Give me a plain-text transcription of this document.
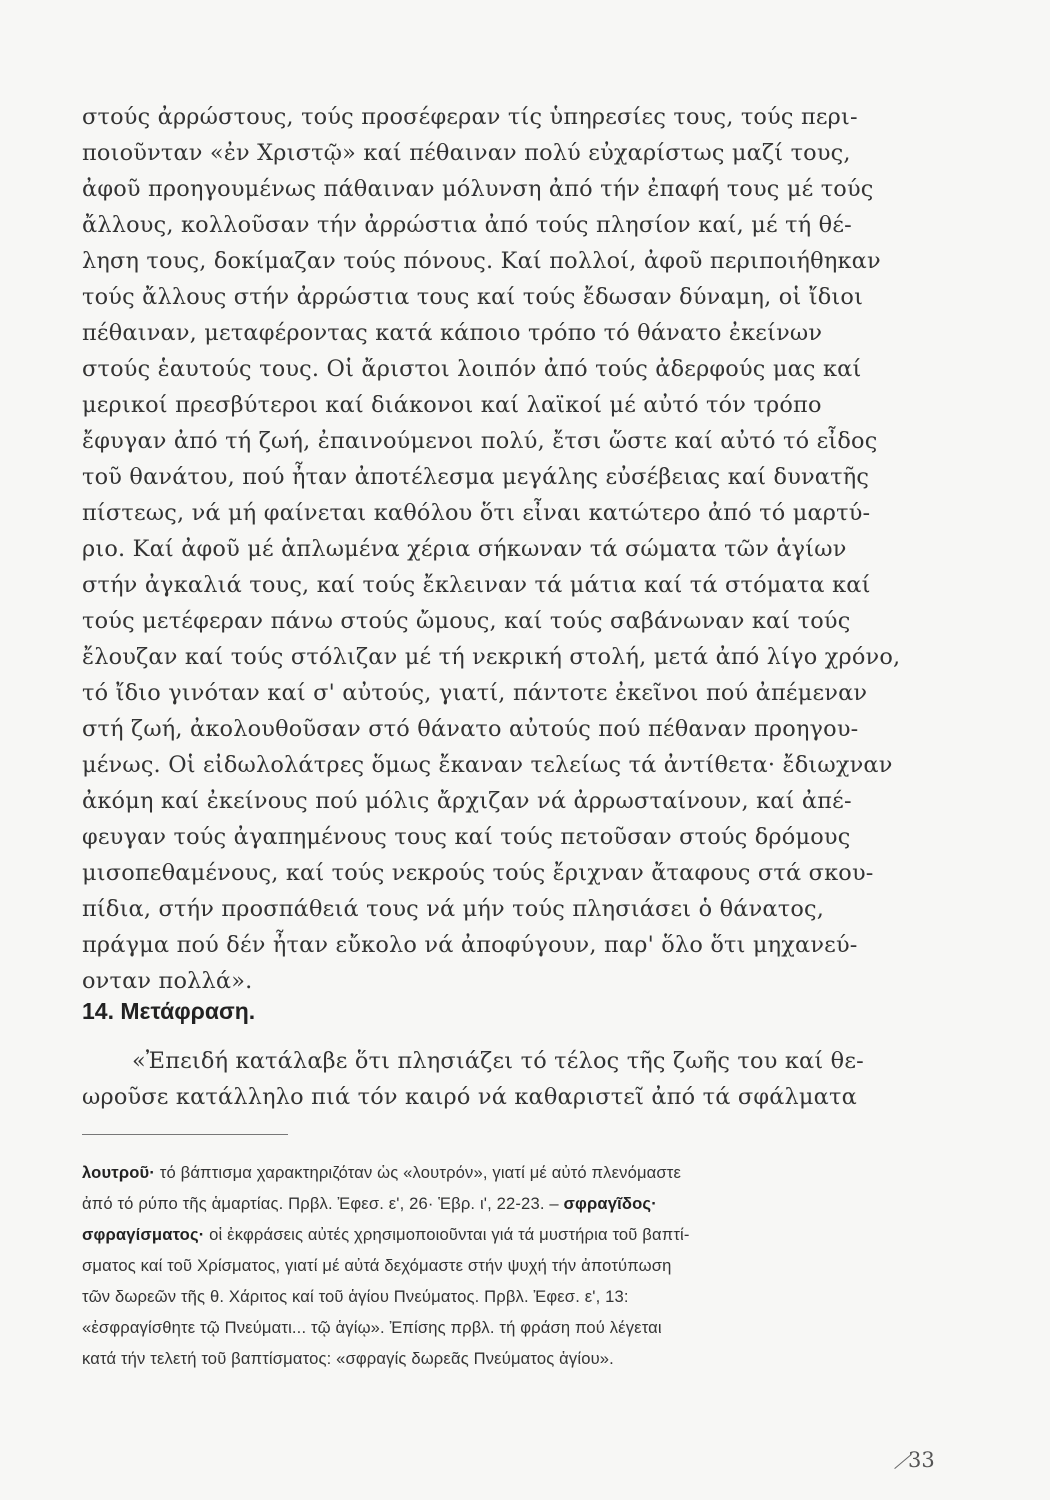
στούς ἀρρώστους, τούς προσέφεραν τίς ὑπηρεσίες τους, τούς περι-
ποιοῦνταν «ἐν Χριστῷ» καί πέθαιναν πολύ εὐχαρίστως μαζί τους,
ἀφοῦ προηγουμένως πάθαιναν μόλυνση ἀπό τήν ἐπαφή τους μέ τούς
ἄλλους, κολλοῦσαν τήν ἀρρώστια ἀπό τούς πλησίον καί, μέ τή θέ-
ληση τους, δοκίμαζαν τούς πόνους. Καί πολλοί, ἀφοῦ περιποιήθηκαν
τούς ἄλλους στήν ἀρρώστια τους καί τούς ἔδωσαν δύναμη, οἱ ἴδιοι
πέθαιναν, μεταφέροντας κατά κάποιο τρόπο τό θάνατο ἐκείνων
στούς ἑαυτούς τους. Οἱ ἄριστοι λοιπόν ἀπό τούς ἀδερφούς μας καί
μερικοί πρεσβύτεροι καί διάκονοι καί λαϊκοί μέ αὐτό τόν τρόπο
ἔφυγαν ἀπό τή ζωή, ἐπαινούμενοι πολύ, ἔτσι ὥστε καί αὐτό τό εἶδος
τοῦ θανάτου, πού ἦταν ἀποτέλεσμα μεγάλης εὐσέβειας καί δυνατῆς
πίστεως, νά μή φαίνεται καθόλου ὅτι εἶναι κατώτερο ἀπό τό μαρτύ-
ριο. Καί ἀφοῦ μέ ἁπλωμένα χέρια σήκωναν τά σώματα τῶν ἁγίων
στήν ἀγκαλιά τους, καί τούς ἔκλειναν τά μάτια καί τά στόματα καί
τούς μετέφεραν πάνω στούς ὤμους, καί τούς σαβάνωναν καί τούς
ἔλουζαν καί τούς στόλιζαν μέ τή νεκρική στολή, μετά ἀπό λίγο χρόνο,
τό ἴδιο γινόταν καί σ' αὐτούς, γιατί, πάντοτε ἐκεῖνοι πού ἀπέμεναν
στή ζωή, ἀκολουθοῦσαν στό θάνατο αὐτούς πού πέθαναν προηγου-
μένως. Οἱ εἰδωλολάτρες ὅμως ἔκαναν τελείως τά ἀντίθετα· ἔδιωχναν
ἀκόμη καί ἐκείνους πού μόλις ἄρχιζαν νά ἀρρωσταίνουν, καί ἀπέ-
φευγαν τούς ἀγαπημένους τους καί τούς πετοῦσαν στούς δρόμους
μισοπεθαμένους, καί τούς νεκρούς τούς ἔριχναν ἄταφους στά σκου-
πίδια, στήν προσπάθειά τους νά μήν τούς πλησιάσει ὁ θάνατος,
πράγμα πού δέν ἦταν εὔκολο νά ἀποφύγουν, παρ' ὅλο ὅτι μηχανεύ-
ονταν πολλά».
14. Μετάφραση.
«Ἐπειδή κατάλαβε ὅτι πλησιάζει τό τέλος τῆς ζωῆς του καί θε-
ωροῦσε κατάλληλο πιά τόν καιρό νά καθαριστεῖ ἀπό τά σφάλματα
λουτροῦ· τό βάπτισμα χαρακτηριζόταν ὡς «λουτρόν», γιατί μέ αὐτό πλενόμαστε
ἀπό τό ρύπο τῆς ἁμαρτίας. Πρβλ. Ἐφεσ. ε', 26· Ἑβρ. ι', 22-23. – σφραγῖδος·
σφραγίσματος· οἱ ἐκφράσεις αὐτές χρησιμοποιοῦνται γιά τά μυστήρια τοῦ βαπτί-
σματος καί τοῦ Χρίσματος, γιατί μέ αὐτά δεχόμαστε στήν ψυχή τήν ἀποτύπωση
τῶν δωρεῶν τῆς θ. Χάριτος καί τοῦ ἁγίου Πνεύματος. Πρβλ. Ἐφεσ. ε', 13:
«ἐσφραγίσθητε τῷ Πνεύματι... τῷ ἁγίῳ». Ἐπίσης πρβλ. τή φράση πού λέγεται
κατά τήν τελετή τοῦ βαπτίσματος: «σφραγίς δωρεᾶς Πνεύματος ἁγίου».
33
